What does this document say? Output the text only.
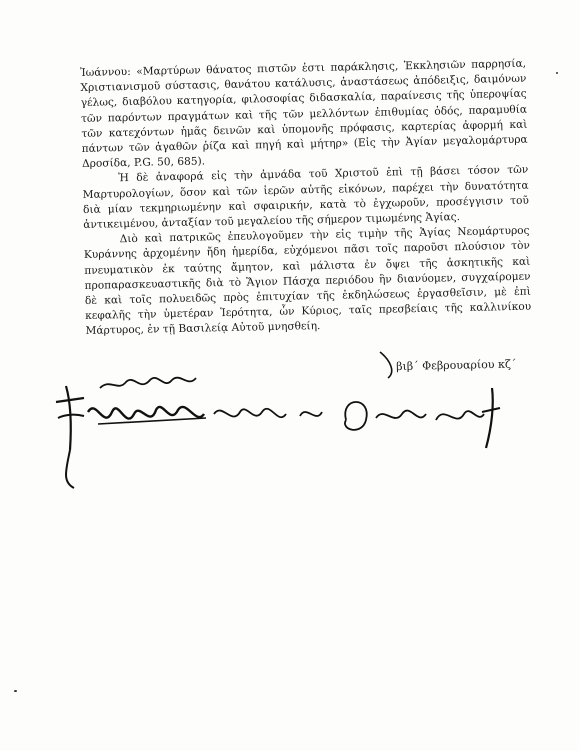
Ἰωάννου: «Μαρτύρων θάνατος πιστῶν ἐστι παράκλησις, Ἐκκλησιῶν παρρησία,
Χριστιανισμοῦ σύστασις, θανάτου κατάλυσις, ἀναστάσεως ἀπόδειξις, δαιμόνων
γέλως, διαβόλου κατηγορία, φιλοσοφίας διδασκαλία, παραίνεσις τῆς ὑπεροψίας
τῶν παρόντων πραγμάτων καὶ τῆς τῶν μελλόντων ἐπιθυμίας ὁδός, παραμυθία
τῶν κατεχόντων ἡμᾶς δεινῶν καὶ ὑπομονῆς πρόφασις, καρτερίας ἀφορμή καὶ
πάντων τῶν ἀγαθῶν ῥίζα καὶ πηγή καὶ μήτηρ» (Εἰς τὴν Ἀγίαν μεγαλομάρτυρα
Δροσίδα, P.G. 50, 685).

Ἡ δὲ ἀναφορά εἰς τὴν ἀμνάδα τοῦ Χριστοῦ ἐπὶ τῇ βάσει τόσον τῶν
Μαρτυρολογίων, ὅσον καὶ τῶν ἱερῶν αὐτῆς εἰκόνων, παρέχει τὴν δυνατότητα
διὰ μίαν τεκμηριωμένην καὶ σφαιρικήν, κατὰ τὸ ἐγχωροῦν, προσέγγισιν τοῦ
ἀντικειμένου, ἀνταξίαν τοῦ μεγαλείου τῆς σήμερον τιμωμένης Ἁγίας.

Διὸ καὶ πατρικῶς ἐπευλογοῦμεν τὴν εἰς τιμὴν τῆς Ἁγίας Νεομάρτυρος
Κυράννης ἀρχομένην ἤδη ἡμερίδα, εὐχόμενοι πᾶσι τοῖς παροῦσι πλούσιον τὸν
πνευματικὸν ἐκ ταύτης ἄμητον, καὶ μάλιστα ἐν ὄψει τῆς ἀσκητικῆς καὶ
προπαρασκευαστικῆς διὰ τὸ Ἅγιον Πάσχα περιόδου ἣν διανύομεν, συγχαίρομεν
δὲ καὶ τοῖς πολυειδῶς πρὸς ἐπιτυχίαν τῆς ἐκδηλώσεως ἐργασθεῖσιν, μὲ ἐπὶ
κεφαλῆς τὴν ὑμετέραν Ἱερότητα, ὧν Κύριος, ταῖς πρεσβείαις τῆς καλλινίκου
Μάρτυρος, ἐν τῇ Βασιλείᾳ Αὐτοῦ μνησθείη.

βιβ΄ Φεβρουαρίου κζ΄
